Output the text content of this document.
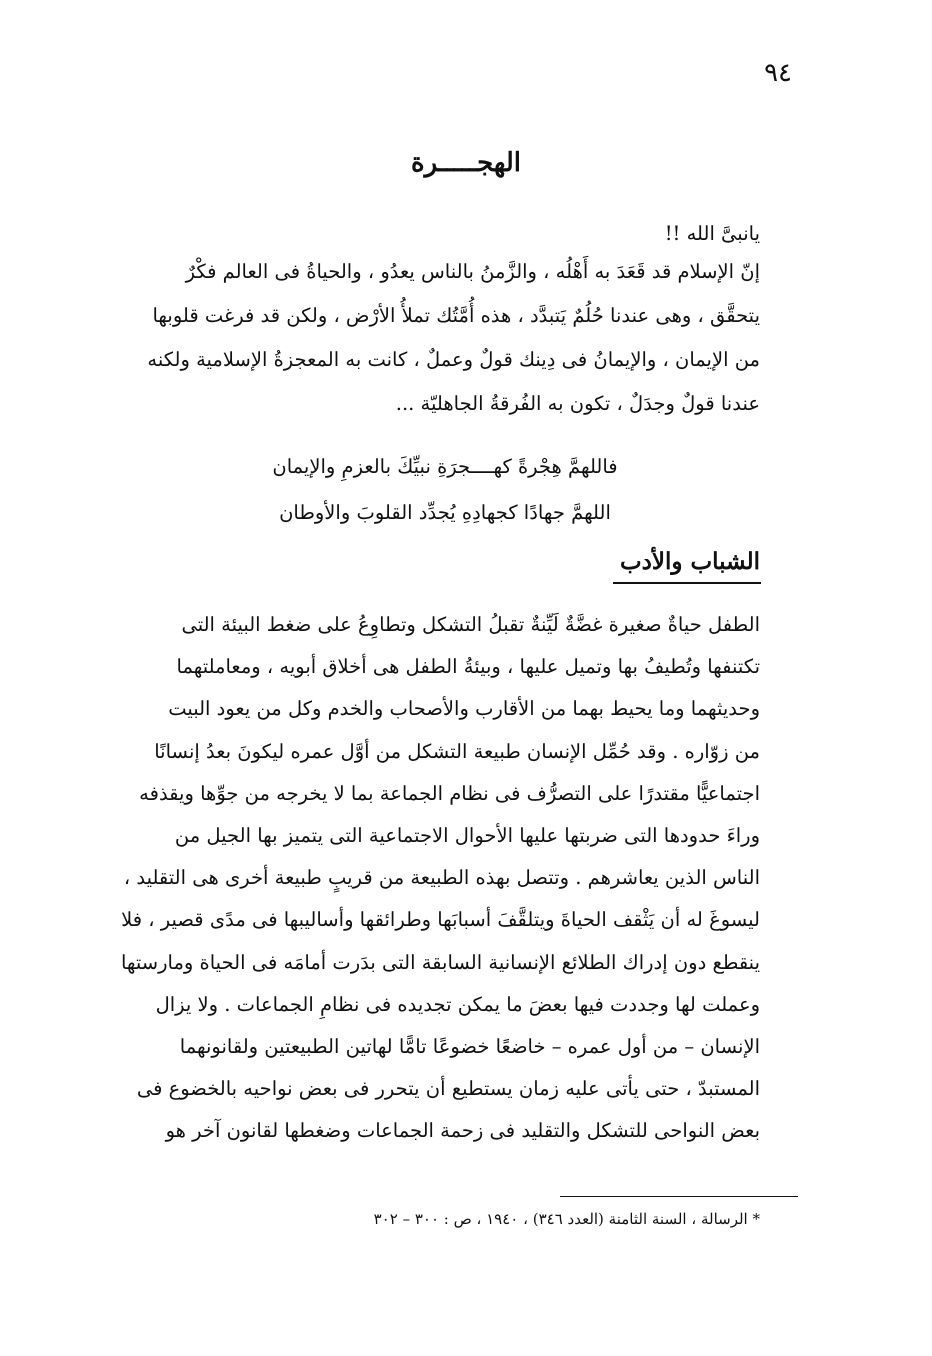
٩٤
الهجـــــرة
يانبىَّ الله !!
إنّ الإسلام قد قَعَدَ به أَهْلُه ، والزَّمنُ بالناس يعدُو ، والحياةُ فى العالم فكْرٌ
يتحقَّق ، وهى عندنا حُلُمٌ يَتبدَّد ، هذه أُمَّتُك تملأُ الأرْض ، ولكن قد فرغت قلوبها
من الإيمان ، والإيمانُ فى دِينك قولٌ وعملٌ ، كانت به المعجزةُ الإسلامية ولكنه
عندنا قولٌ وجدَلٌ ، تكون به الفُرقةُ الجاهليّة ...
فاللهمَّ هِجْرةً كهــــجرَةِ نبيِّكَ بالعزمِ والإيمان
اللهمَّ جهادًا كجهادِهِ يُجدِّد القلوبَ والأوطان
الشباب والأدب
الطفل حياةٌ صغيرة غضَّةٌ لَيِّنةٌ تقبلُ التشكل وتطاوِعُ على ضغط البيئة التى
تكتنفها وتُطيفُ بها وتميل عليها ، وبيئةُ الطفل هى أخلاق أبويه ، ومعاملتهما
وحديثهما وما يحيط بهما من الأقارب والأصحاب والخدم وكل من يعود البيت
من زوّاره . وقد حُمِّل الإنسان طبيعة التشكل من أوَّل عمره ليكونَ بعدُ إنسانًا
اجتماعيًّا مقتدرًا على التصرُّف فى نظام الجماعة بما لا يخرجه من جوِّها ويقذفه
وراءَ حدودها التى ضربتها عليها الأحوال الاجتماعية التى يتميز بها الجيل من
الناس الذين يعاشرهم . وتتصل بهذه الطبيعة من قريبٍ طبيعة أخرى هى التقليد ،
ليسوغَ له أن يَثْقف الحياةَ ويتلقَّفَ أسبابَها وطرائقها وأساليبها فى مدًى قصير ، فلا
ينقطع دون إدراك الطلائع الإنسانية السابقة التى بدَرت أمامَه فى الحياة ومارستها
وعملت لها وجددت فيها بعضَ ما يمكن تجديده فى نظامِ الجماعات . ولا يزال
الإنسان – من أول عمره – خاضعًا خضوعًا تامًّا لهاتين الطبيعتين ولقانونهما
المستبدّ ، حتى يأتى عليه زمان يستطيع أن يتحرر فى بعض نواحيه بالخضوع فى
بعض النواحى للتشكل والتقليد فى زحمة الجماعات وضغطها لقانون آخر هو
* الرسالة ، السنة الثامنة (العدد ٣٤٦) ، ١٩٤٠ ، ص : ٣٠٠ – ٣٠٢
